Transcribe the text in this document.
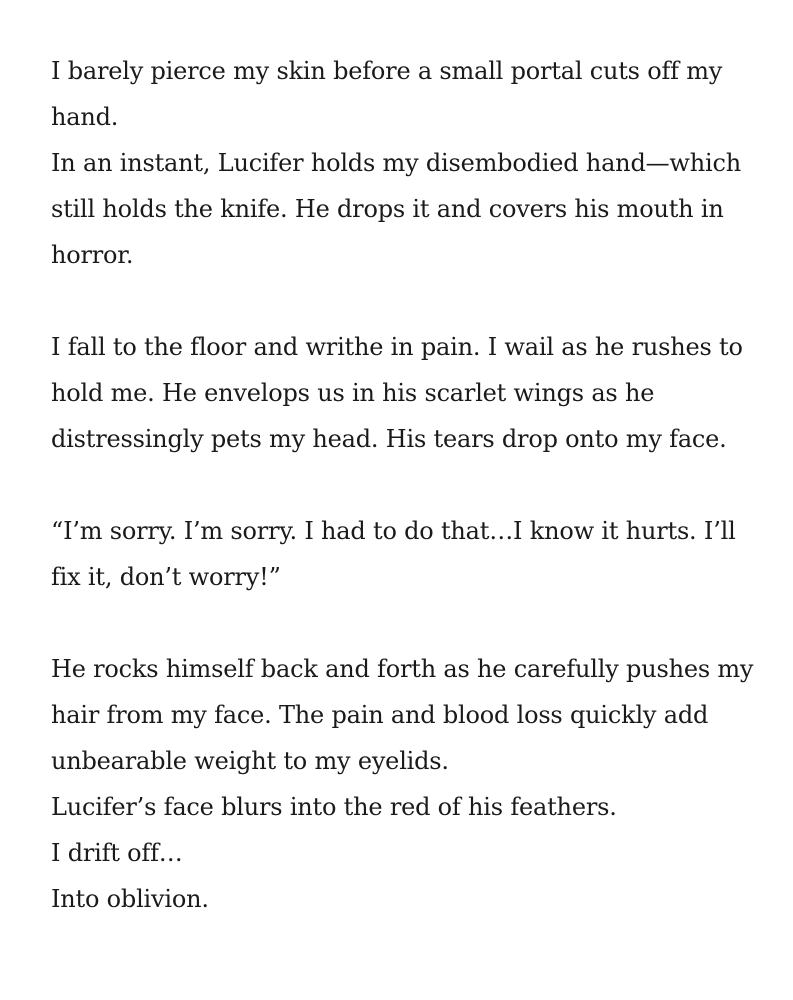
I barely pierce my skin before a small portal cuts off my
hand.
In an instant, Lucifer holds my disembodied hand—which
still holds the knife. He drops it and covers his mouth in
horror.

I fall to the floor and writhe in pain. I wail as he rushes to
hold me. He envelops us in his scarlet wings as he
distressingly pets my head. His tears drop onto my face.

“I’m sorry. I’m sorry. I had to do that…I know it hurts. I’ll
fix it, don’t worry!”

He rocks himself back and forth as he carefully pushes my
hair from my face. The pain and blood loss quickly add
unbearable weight to my eyelids.
Lucifer’s face blurs into the red of his feathers.
I drift off…
Into oblivion.
